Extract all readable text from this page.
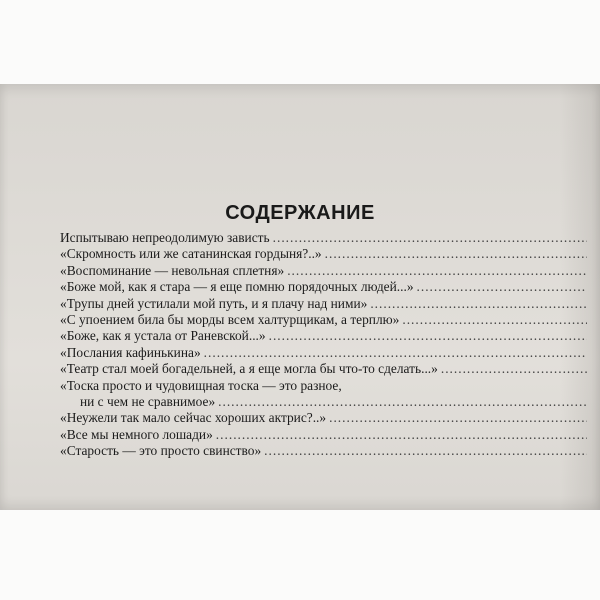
СОДЕРЖАНИЕ
Испытываю непреодолимую зависть
.....
«Скромность или же сатанинская гордыня?..»
.....
«Воспоминание — невольная сплетня»
.....
«Боже мой, как я стара — я еще помню порядочных людей...»
.....
«Трупы дней устилали мой путь, и я плачу над ними»
.....
«С упоением била бы морды всем халтурщикам, а терплю»
.....
«Боже, как я устала от Раневской...»
.....
«Послания кафинькина»
.....
«Театр стал моей богадельней, а я еще могла бы что-то сделать...»
.....
«Тоска просто и чудовищная тоска — это разное,
ни с чем не сравнимое»
.....
«Неужели так мало сейчас хороших актрис?..»
.....
«Все мы немного лошади»
.....
«Старость — это просто свинство»
.....
